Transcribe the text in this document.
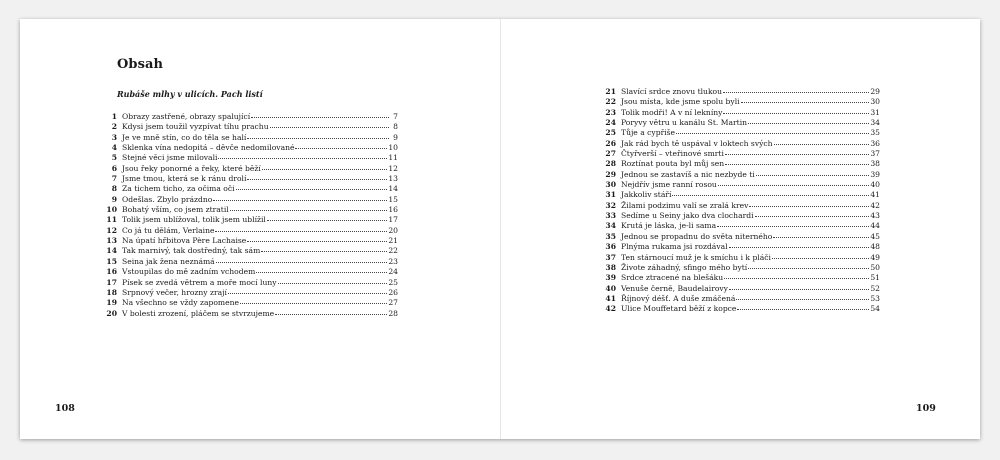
Obsah
Rubáše mlhy v ulicích. Pach listí
1 Obrazy zastřené, obrazy spalující	7
2 Kdysi jsem toužil vyzpívat tíhu prachu	8
3 Je ve mně stín, co do těla se halí	9
4 Sklenka vína nedopitá – děvče nedomilované	10
5 Stejné věci jsme milovali	11
6 Jsou řeky ponorné a řeky, které běží	12
7 Jsme tmou, která se k ránu drolí	13
8 Za tichem ticho, za očima oči	14
9 Odešlas. Zbylo prázdno	15
10 Bohatý vším, co jsem ztratil	16
11 Tolik jsem ublížoval, tolik jsem ublížil	17
12 Co já tu dělám, Verlaine	20
13 Na úpatí hřbitova Père Lachaise	21
14 Tak marnivý, tak dostředný, tak sám	22
15 Seina jak žena neznámá	23
16 Vstoupilas do mě zadním vchodem	24
17 Písek se zvedá větrem a moře mocí luny	25
18 Srpnový večer, hrozny zrají	26
19 Na všechno se vždy zapomene	27
20 V bolesti zrození, pláčem se stvrzujeme	28
108
21 Slavící srdce znovu tlukou	29
22 Jsou místa, kde jsme spolu byli	30
23 Tolik modři! A v ní lekníny	31
24 Poryvy větru u kanálu St. Martin	34
25 Tůje a cypřiše	35
26 Jak rád bych tě uspával v loktech svých	36
27 Čtyřverší – vteřinové smrti	37
28 Roztínat pouta byl můj sen	38
29 Jednou se zastavíš a nic nezbyde ti	39
30 Nejdřív jsme ranní rosou	40
31 Jakkoliv stáří	41
32 Žilami podzimu valí se zralá krev	42
33 Sedíme u Seiny jako dva clochardi	43
34 Krutá je láska, je-li sama	44
35 Jednou se propadnu do světa niterného	45
36 Plnýma rukama jsi rozdával	48
37 Ten stárnoucí muž je k smíchu i k pláči	49
38 Živote záhadný, sfingo mého bytí	50
39 Srdce ztracené na blešáku	51
40 Venuše černě, Baudelairovy	52
41 Říjnový déšť. A duše zmáčená	53
42 Ulice Mouffetard běží z kopce	54
109
